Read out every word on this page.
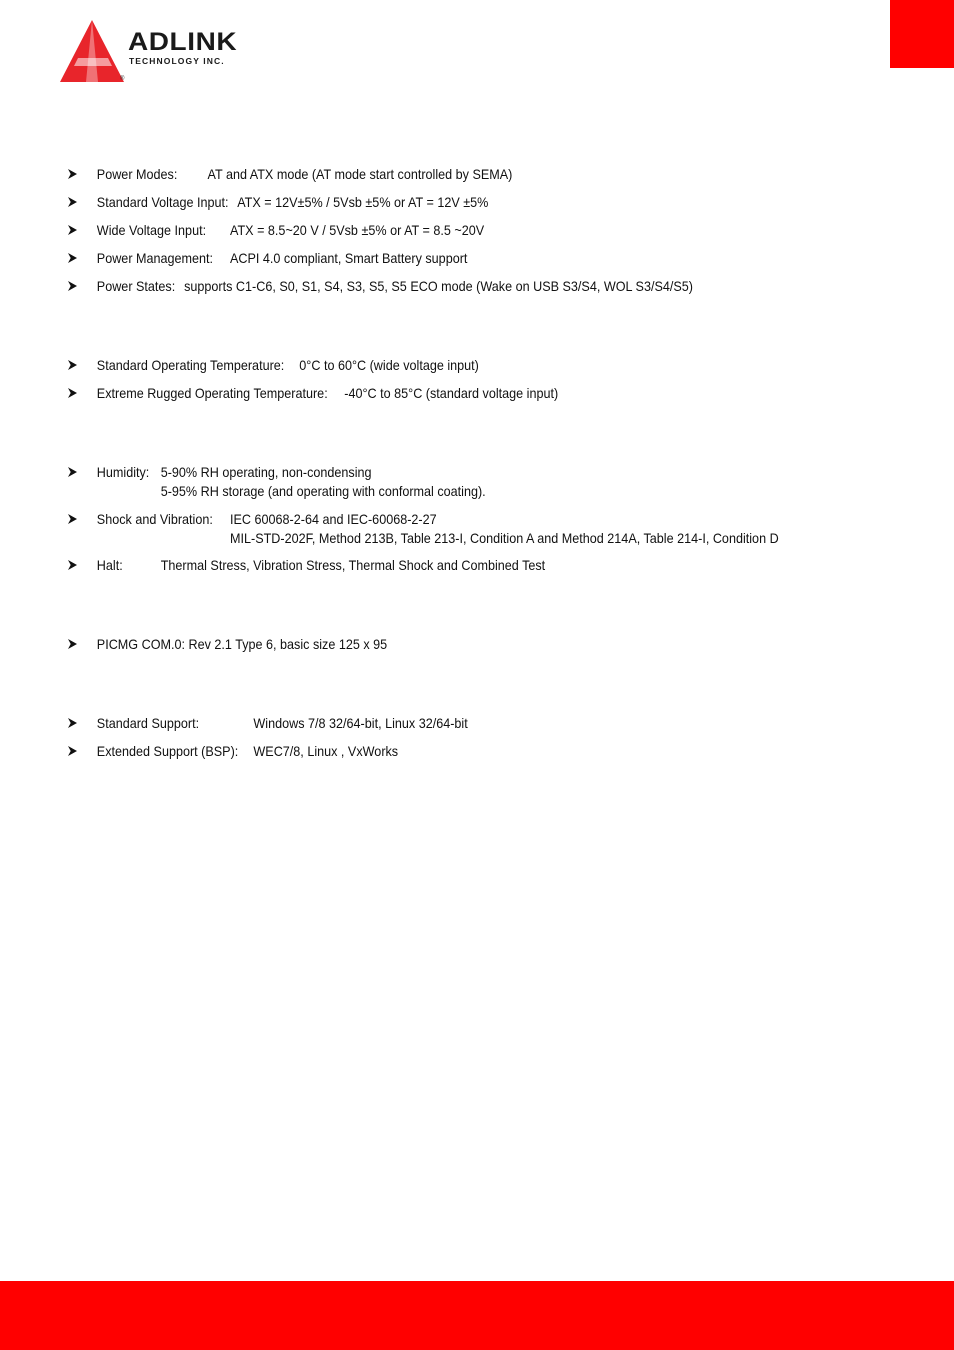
ADLINK
TECHNOLOGY INC.
®
Power Modes: AT and ATX mode (AT mode start controlled by SEMA)
Standard Voltage Input: ATX = 12V±5% / 5Vsb ±5% or AT = 12V ±5%
Wide Voltage Input: ATX = 8.5~20 V / 5Vsb ±5% or AT = 8.5 ~20V
Power Management: ACPI 4.0 compliant, Smart Battery support
Power States: supports C1-C6, S0, S1, S4, S3, S5, S5 ECO mode (Wake on USB S3/S4, WOL S3/S4/S5)
Standard Operating Temperature: 0°C to 60°C (wide voltage input)
Extreme Rugged Operating Temperature: -40°C to 85°C (standard voltage input)
Humidity: 5-90% RH operating, non-condensing
5-95% RH storage (and operating with conformal coating).
Shock and Vibration: IEC 60068-2-64 and IEC-60068-2-27
MIL-STD-202F, Method 213B, Table 213-I, Condition A and Method 214A, Table 214-I, Condition D
Halt:	Thermal Stress, Vibration Stress, Thermal Shock and Combined Test
PICMG COM.0: Rev 2.1 Type 6, basic size 125 x 95
Standard Support:	Windows 7/8 32/64-bit, Linux 32/64-bit
Extended Support (BSP): WEC7/8, Linux , VxWorks
